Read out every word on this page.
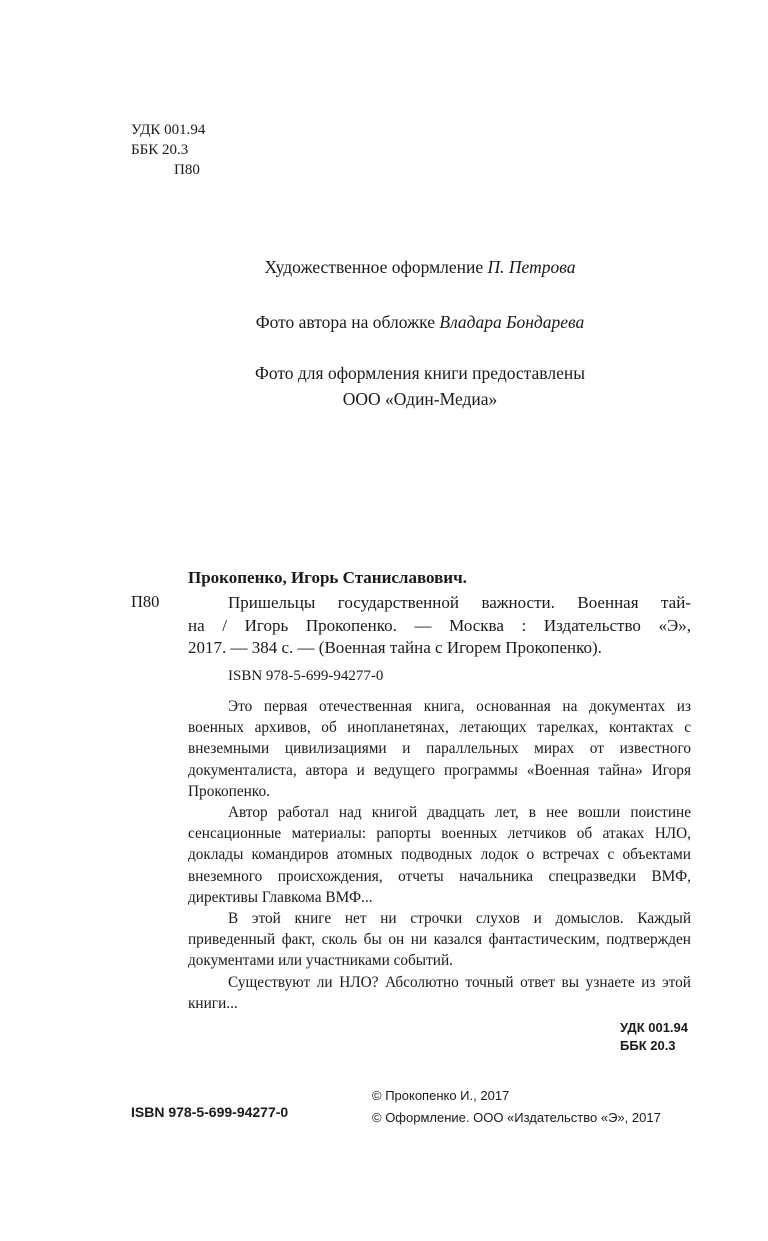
УДК 001.94
ББК 20.3
П80
Художественное оформление П. Петрова
Фото автора на обложке Владара Бондарева
Фото для оформления книги предоставлены
ООО «Один-Медиа»
Прокопенко, Игорь Станиславович.
П80	Пришельцы государственной важности. Военная тай-
на / Игорь Прокопенко. — Москва : Издательство «Э»,
2017. — 384 с. — (Военная тайна с Игорем Прокопенко).
ISBN 978-5-699-94277-0

Это первая отечественная книга, основанная на документах из военных архивов, об инопланетянах, летающих тарелках, контактах с внеземными цивилизациями и параллельных мирах от известного документалиста, автора и ведущего программы «Военная тайна» Игоря Прокопенко.

Автор работал над книгой двадцать лет, в нее вошли поистине сенсационные материалы: рапорты военных летчиков об атаках НЛО, доклады командиров атомных подводных лодок о встречах с объектами внеземного происхождения, отчеты начальника спецразведки ВМФ, директивы Главкома ВМФ...

В этой книге нет ни строчки слухов и домыслов. Каждый приведенный факт, сколь бы он ни казался фантастическим, подтвержден документами или участниками событий.

Существуют ли НЛО? Абсолютно точный ответ вы узнаете из этой книги...

УДК 001.94
ББК 20.3
© Прокопенко И., 2017
© Оформление. ООО «Издательство «Э», 2017
ISBN 978-5-699-94277-0
